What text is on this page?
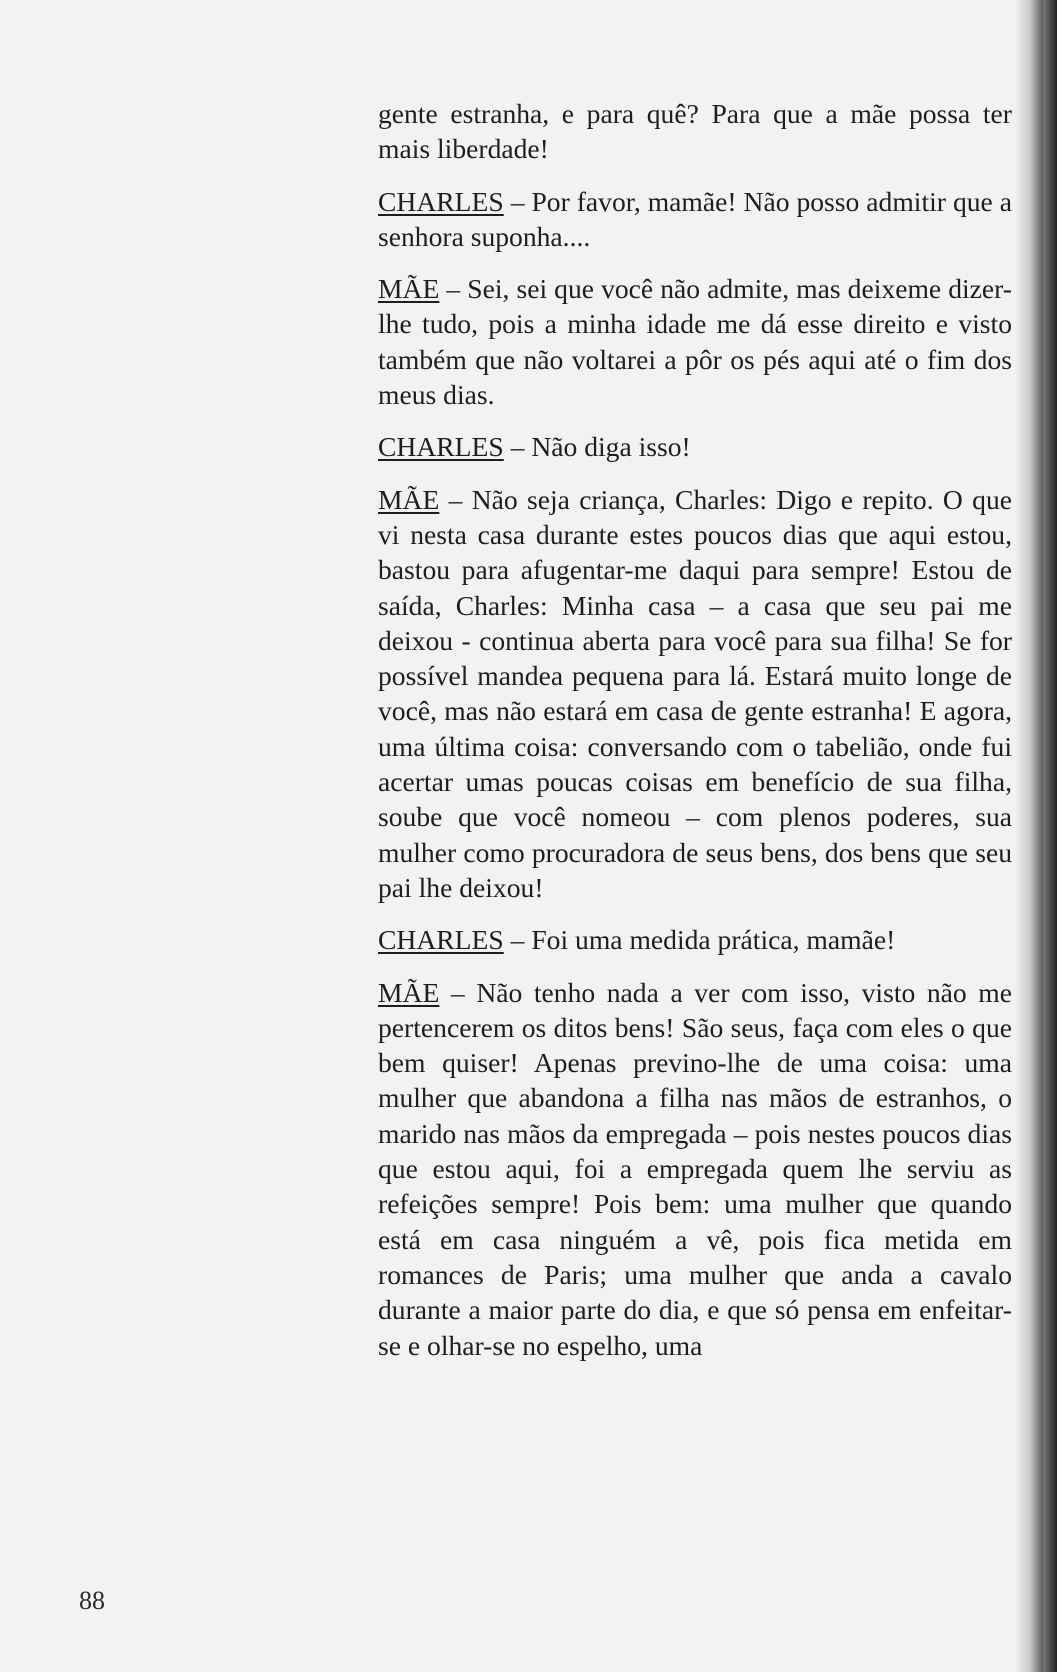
gente estranha, e para quê? Para que a mãe possa ter mais liberdade!

CHARLES – Por favor, mamãe! Não posso admitir que a senhora suponha....

MÃE – Sei, sei que você não admite, mas deixeme dizer-lhe tudo, pois a minha idade me dá esse direito e visto também que não voltarei a pôr os pés aqui até o fim dos meus dias.

CHARLES – Não diga isso!

MÃE – Não seja criança, Charles: Digo e repito. O que vi nesta casa durante estes poucos dias que aqui estou, bastou para afugentar-me daqui para sempre! Estou de saída, Charles: Minha casa – a casa que seu pai me deixou - continua aberta para você para sua filha! Se for possível mandea pequena para lá. Estará muito longe de você, mas não estará em casa de gente estranha! E agora, uma última coisa: conversando com o tabelião, onde fui acertar umas poucas coisas em benefício de sua filha, soube que você nomeou – com plenos poderes, sua mulher como procuradora de seus bens, dos bens que seu pai lhe deixou!

CHARLES – Foi uma medida prática, mamãe!

MÃE – Não tenho nada a ver com isso, visto não me pertencerem os ditos bens! São seus, faça com eles o que bem quiser! Apenas previno-lhe de uma coisa: uma mulher que abandona a filha nas mãos de estranhos, o marido nas mãos da empregada – pois nestes poucos dias que estou aqui, foi a empregada quem lhe serviu as refeições sempre! Pois bem: uma mulher que quando está em casa ninguém a vê, pois fica metida em romances de Paris; uma mulher que anda a cavalo durante a maior parte do dia, e que só pensa em enfeitar-se e olhar-se no espelho, uma

88
